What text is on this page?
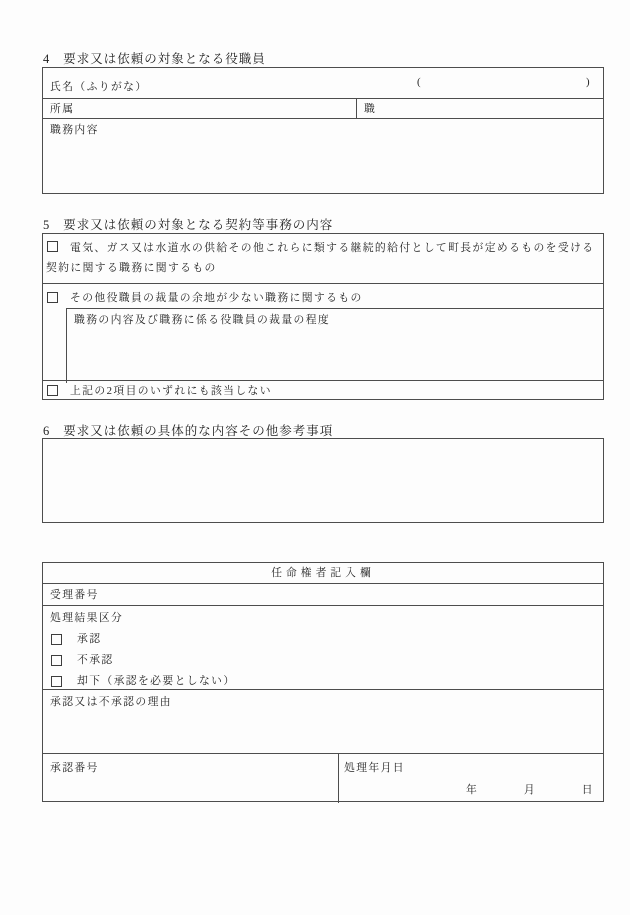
4 要求又は依頼の対象となる役職員
氏名（ふりがな）	(	)
所属	職
職務内容
5 要求又は依頼の対象となる契約等事務の内容
電気、ガス又は水道水の供給その他これらに類する継続的給付として町長が定めるものを受ける契約に関する職務に関するもの
その他役職員の裁量の余地が少ない職務に関するもの
職務の内容及び職務に係る役職員の裁量の程度
上記の2項目のいずれにも該当しない
6 要求又は依頼の具体的な内容その他参考事項
任命権者記入欄
受理番号
処理結果区分
承認
不承認
却下（承認を必要としない）
承認又は不承認の理由
承認番号	処理年月日
年	月	日
